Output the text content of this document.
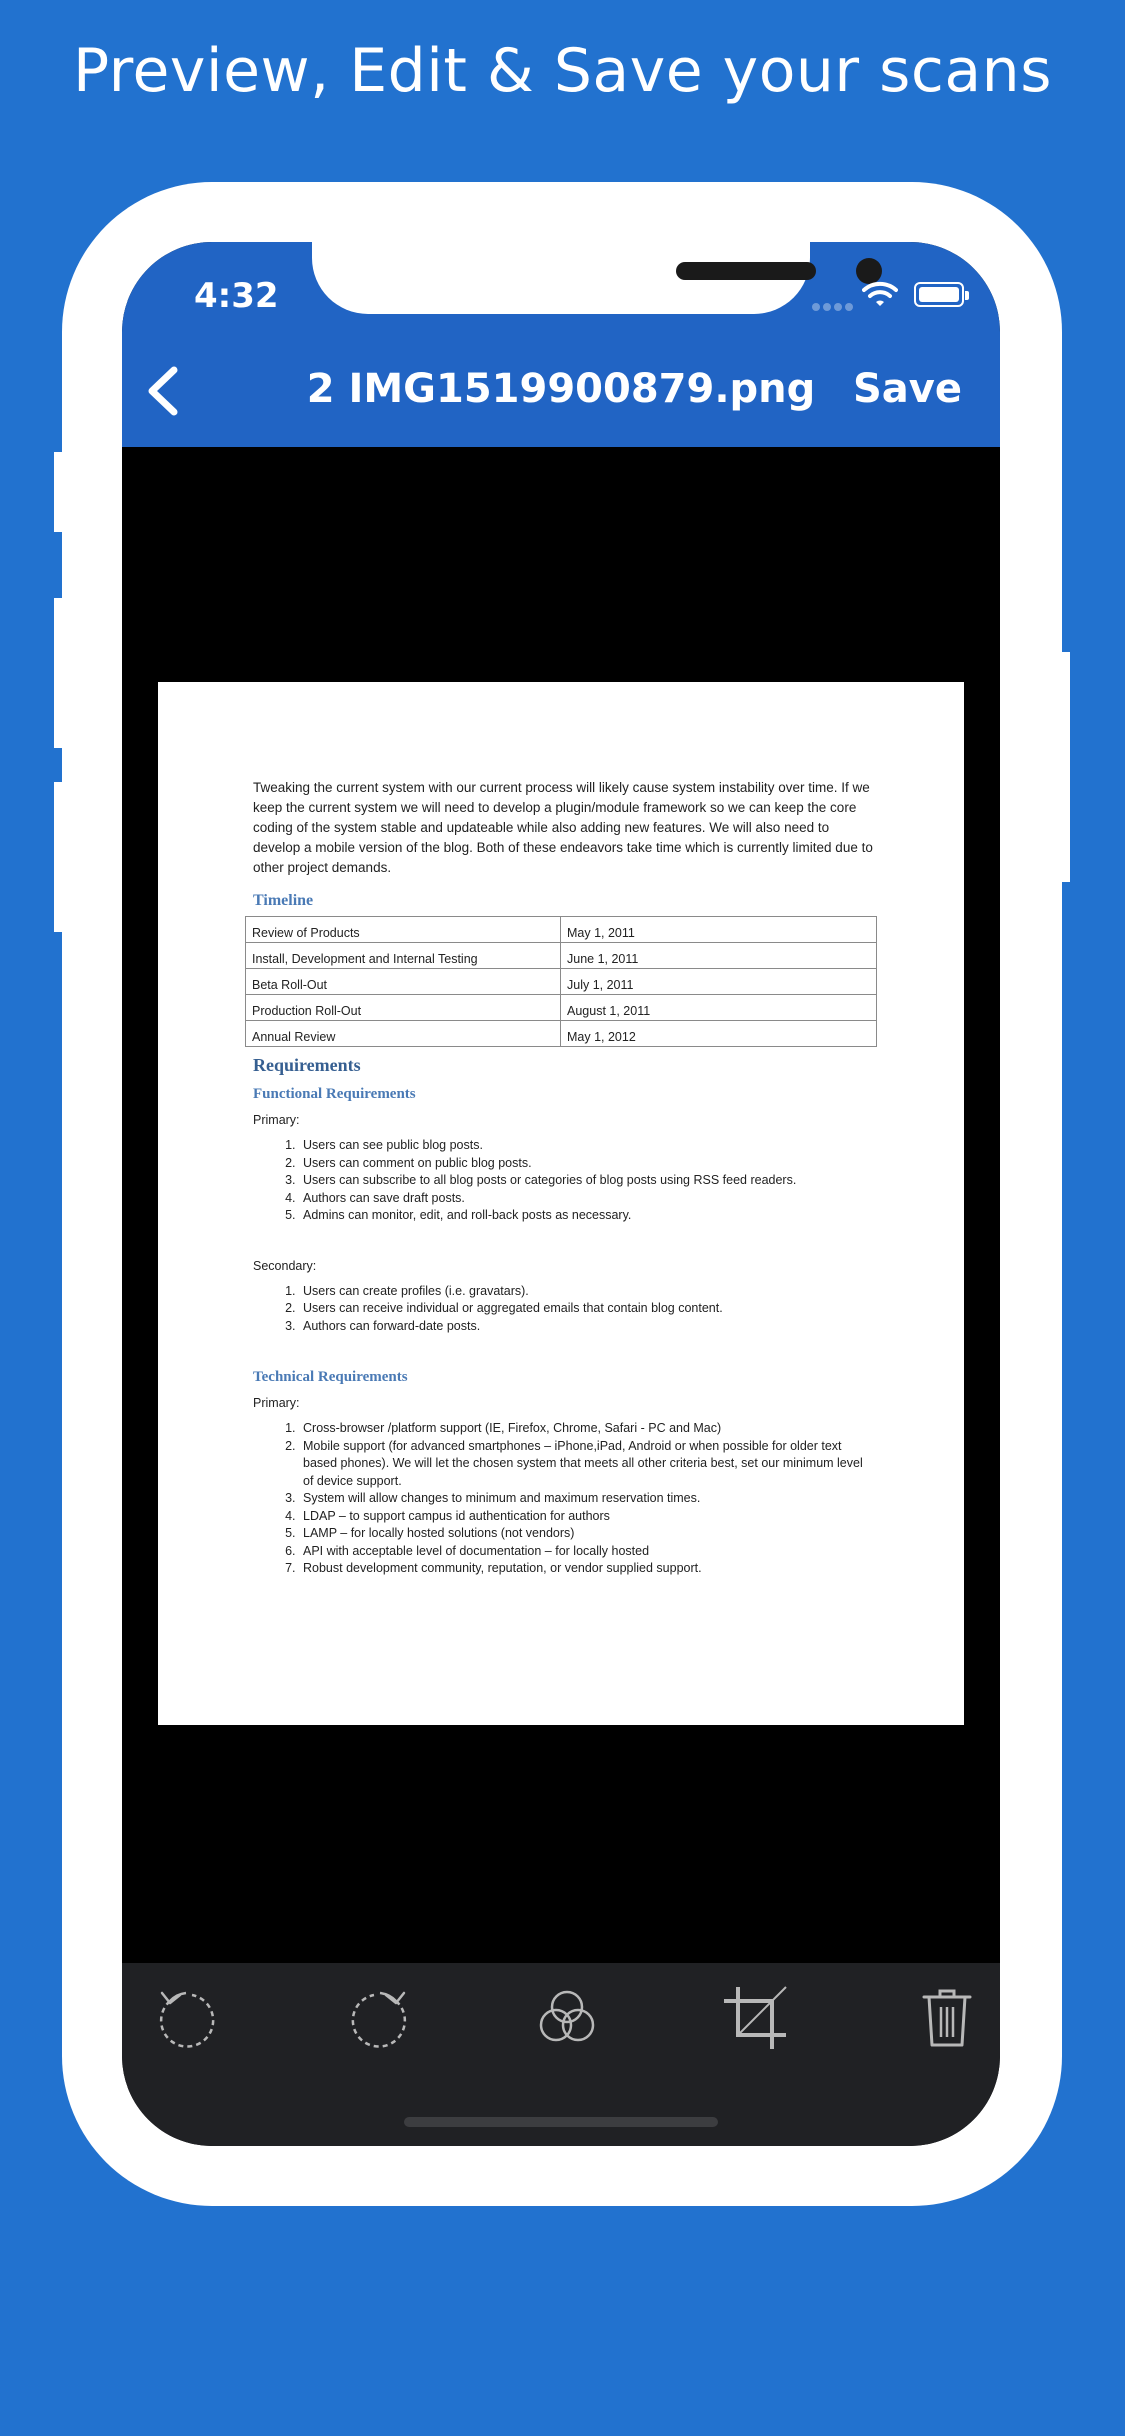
Preview, Edit & Save your scans
4:32
2 IMG1519900879.png Save
Tweaking the current system with our current process will likely cause system instability over time. If we keep the current system we will need to develop a plugin/module framework so we can keep the core coding of the system stable and updateable while also adding new features. We will also need to develop a mobile version of the blog. Both of these endeavors take time which is currently limited due to other project demands.
Timeline
Review of Products	May 1, 2011
Install, Development and Internal Testing	June 1, 2011
Beta Roll-Out	July 1, 2011
Production Roll-Out	August 1, 2011
Annual Review	May 1, 2012
Requirements
Functional Requirements
Primary:
1. Users can see public blog posts.
2. Users can comment on public blog posts.
3. Users can subscribe to all blog posts or categories of blog posts using RSS feed readers.
4. Authors can save draft posts.
5. Admins can monitor, edit, and roll-back posts as necessary.
Secondary:
1. Users can create profiles (i.e. gravatars).
2. Users can receive individual or aggregated emails that contain blog content.
3. Authors can forward-date posts.
Technical Requirements
Primary:
1. Cross-browser /platform support (IE, Firefox, Chrome, Safari - PC and Mac)
2. Mobile support (for advanced smartphones – iPhone,iPad, Android or when possible for older text based phones). We will let the chosen system that meets all other criteria best, set our minimum level of device support.
3. System will allow changes to minimum and maximum reservation times.
4. LDAP – to support campus id authentication for authors
5. LAMP – for locally hosted solutions (not vendors)
6. API with acceptable level of documentation – for locally hosted
7. Robust development community, reputation, or vendor supplied support.
